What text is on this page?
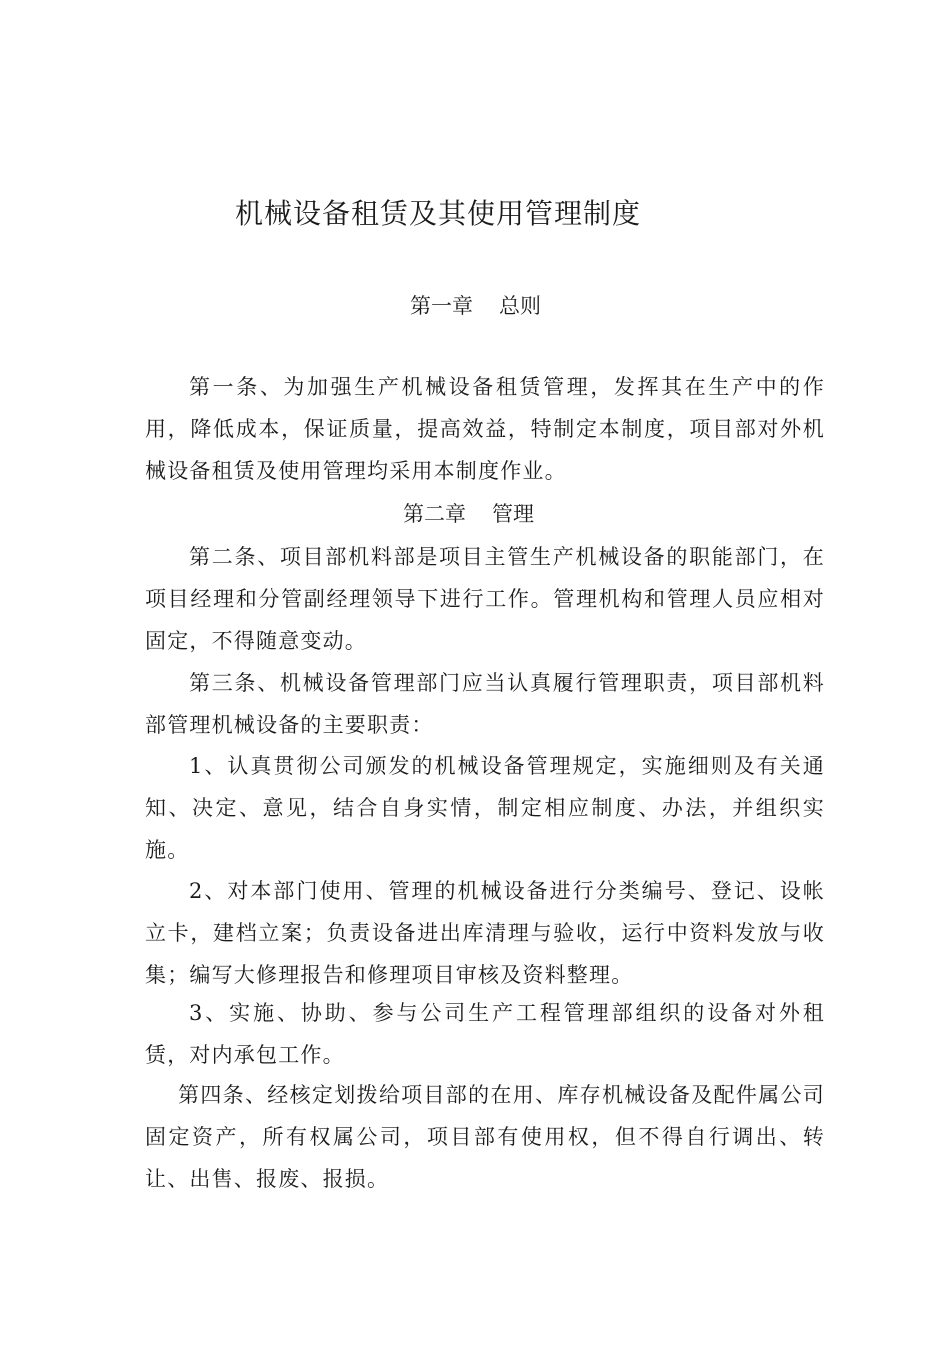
机械设备租赁及其使用管理制度
第一章 总则

第一条、为加强生产机械设备租赁管理，发挥其在生产中的作用，降低成本，保证质量，提高效益，特制定本制度，项目部对外机械设备租赁及使用管理均采用本制度作业。

第二章 管理

第二条、项目部机料部是项目主管生产机械设备的职能部门，在项目经理和分管副经理领导下进行工作。管理机构和管理人员应相对固定，不得随意变动。

第三条、机械设备管理部门应当认真履行管理职责，项目部机料部管理机械设备的主要职责：

1、认真贯彻公司颁发的机械设备管理规定，实施细则及有关通知、决定、意见，结合自身实情，制定相应制度、办法，并组织实施。

2、对本部门使用、管理的机械设备进行分类编号、登记、设帐立卡，建档立案；负责设备进出库清理与验收，运行中资料发放与收集；编写大修理报告和修理项目审核及资料整理。

3、实施、协助、参与公司生产工程管理部组织的设备对外租赁，对内承包工作。

第四条、经核定划拨给项目部的在用、库存机械设备及配件属公司固定资产，所有权属公司，项目部有使用权，但不得自行调出、转让、出售、报废、报损。
